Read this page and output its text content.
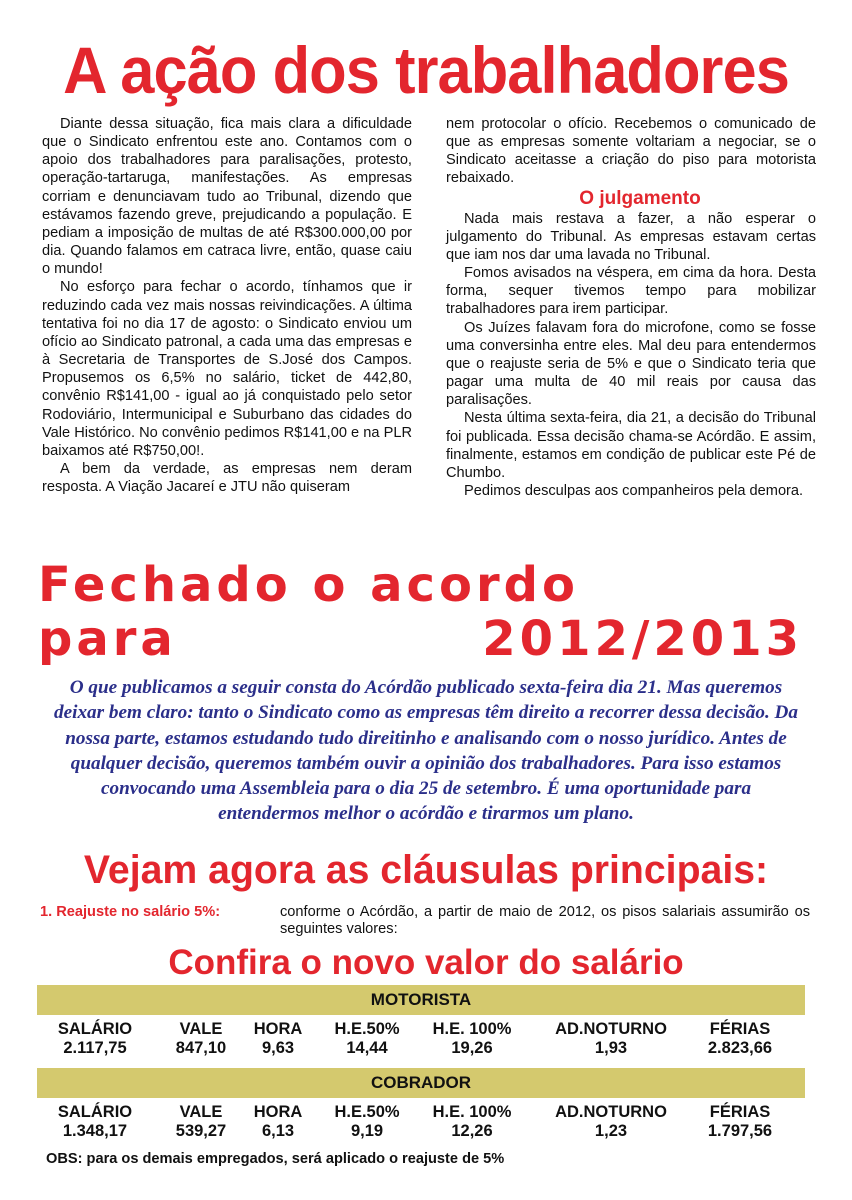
A ação dos trabalhadores

Diante dessa situação, fica mais clara a dificuldade que o Sindicato enfrentou este ano. Contamos com o apoio dos trabalhadores para paralisações, protesto, operação-tartaruga, manifestações. As empresas corriam e denunciavam tudo ao Tribunal, dizendo que estávamos fazendo greve, prejudicando a população. E pediam a imposição de multas de até R$300.000,00 por dia. Quando falamos em catraca livre, então, quase caiu o mundo!

No esforço para fechar o acordo, tínhamos que ir reduzindo cada vez mais nossas reivindicações. A última tentativa foi no dia 17 de agosto: o Sindicato enviou um ofício ao Sindicato patronal, a cada uma das empresas e à Secretaria de Transportes de S.José dos Campos. Propusemos os 6,5% no salário, ticket de 442,80, convênio R$141,00 - igual ao já conquistado pelo setor Rodoviário, Intermunicipal e Suburbano das cidades do Vale Histórico. No convênio pedimos R$141,00 e na PLR baixamos até R$750,00!.

A bem da verdade, as empresas nem deram resposta. A Viação Jacareí e JTU não quiseram

nem protocolar o ofício. Recebemos o comunicado de que as empresas somente voltariam a negociar, se o Sindicato aceitasse a criação do piso para motorista rebaixado.

O julgamento

Nada mais restava a fazer, a não esperar o julgamento do Tribunal. As empresas estavam certas que iam nos dar uma lavada no Tribunal.

Fomos avisados na véspera, em cima da hora. Desta forma, sequer tivemos tempo para mobilizar trabalhadores para irem participar.

Os Juízes falavam fora do microfone, como se fosse uma conversinha entre eles. Mal deu para entendermos que o reajuste seria de 5% e que o Sindicato teria que pagar uma multa de 40 mil reais por causa das paralisações.

Nesta última sexta-feira, dia 21, a decisão do Tribunal foi publicada. Essa decisão chama-se Acórdão. E assim, finalmente, estamos em condição de publicar este Pé de Chumbo.

Pedimos desculpas aos companheiros pela demora.

Fechado o acordo
para	2012/2013
O que publicamos a seguir consta do Acórdão publicado sexta-feira dia 21. Mas queremos deixar bem claro: tanto o Sindicato como as empresas têm direito a recorrer dessa decisão. Da nossa parte, estamos estudando tudo direitinho e analisando com o nosso jurídico. Antes de qualquer decisão, queremos também ouvir a opinião dos trabalhadores. Para isso estamos convocando uma Assembleia para o dia 25 de setembro. É uma oportunidade para entendermos melhor o acórdão e tirarmos um plano.
Vejam agora as cláusulas principais:
1. Reajuste no salário 5%:	conforme o Acórdão, a partir de maio de 2012, os pisos salariais assumirão os seguintes valores:
Confira o novo valor do salário
MOTORISTA
SALÁRIO
2.117,75
VALE
847,10
HORA
9,63
H.E.50%
14,44
H.E. 100%
19,26
AD.NOTURNO
1,93
FÉRIAS
2.823,66
COBRADOR
SALÁRIO
1.348,17
VALE
539,27
HORA
6,13
H.E.50%
9,19
H.E. 100%
12,26
AD.NOTURNO
1,23
FÉRIAS
1.797,56
OBS: para os demais empregados, será aplicado o reajuste de 5%
